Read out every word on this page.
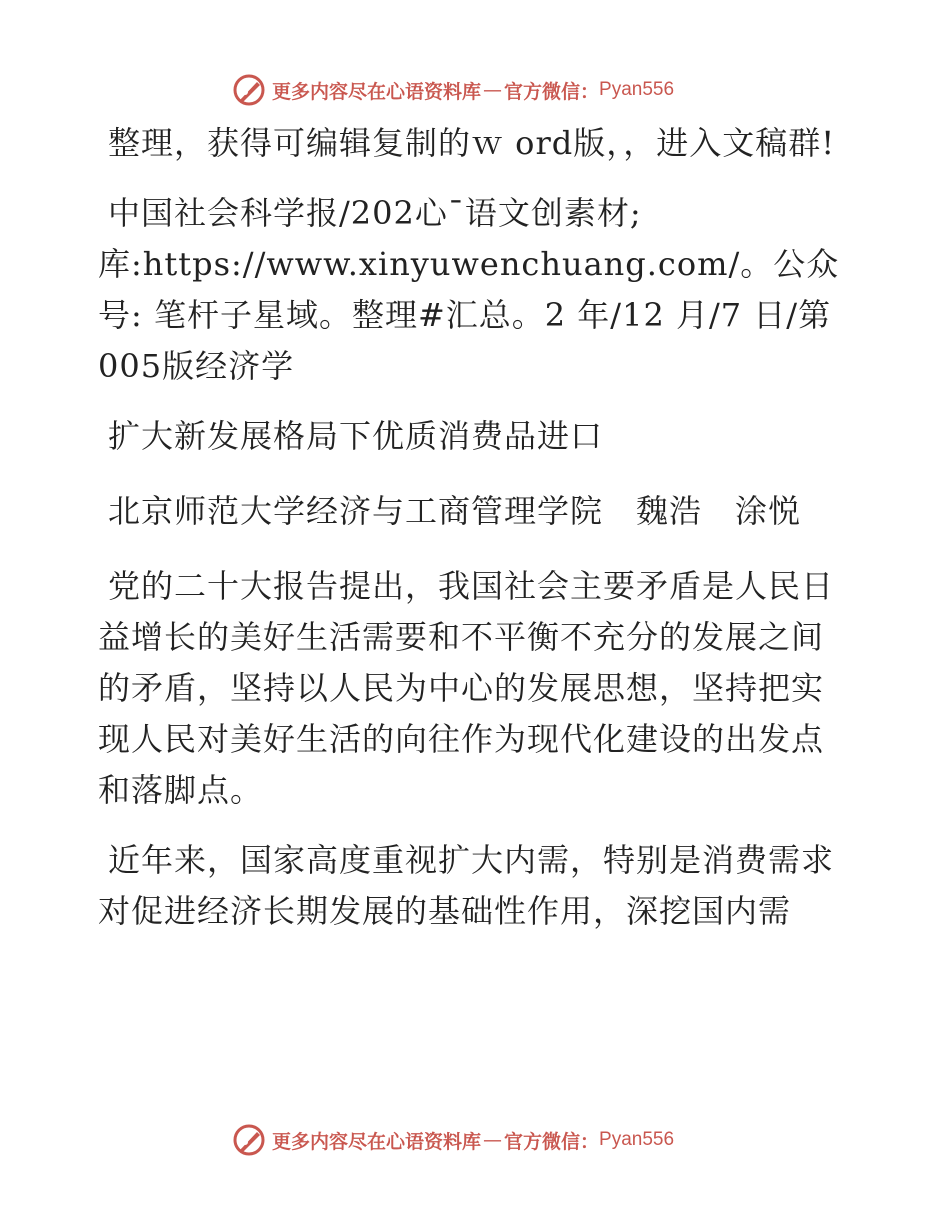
更多内容尽在心语资料库 — 官方微信： Pyan556

整理，获得可编辑复制的ｗ ord版，，进入文稿群!

中国社会科学报/202心¯语文创素材;库:https://www.xinyuwenchuang.com/。公众号: 笔杆子星域。整理#汇总。2 年/12 月/7 日/第 005版经济学

扩大新发展格局下优质消费品进口

北京师范大学经济与工商管理学院　魏浩　涂悦

党的二十大报告提出，我国社会主要矛盾是人民日益增长的美好生活需要和不平衡不充分的发展之间的矛盾，坚持以人民为中心的发展思想，坚持把实现人民对美好生活的向往作为现代化建设的出发点和落脚点。

近年来，国家高度重视扩大内需，特别是消费需求对促进经济长期发展的基础性作用，深挖国内需

更多内容尽在心语资料库 — 官方微信： Pyan556
